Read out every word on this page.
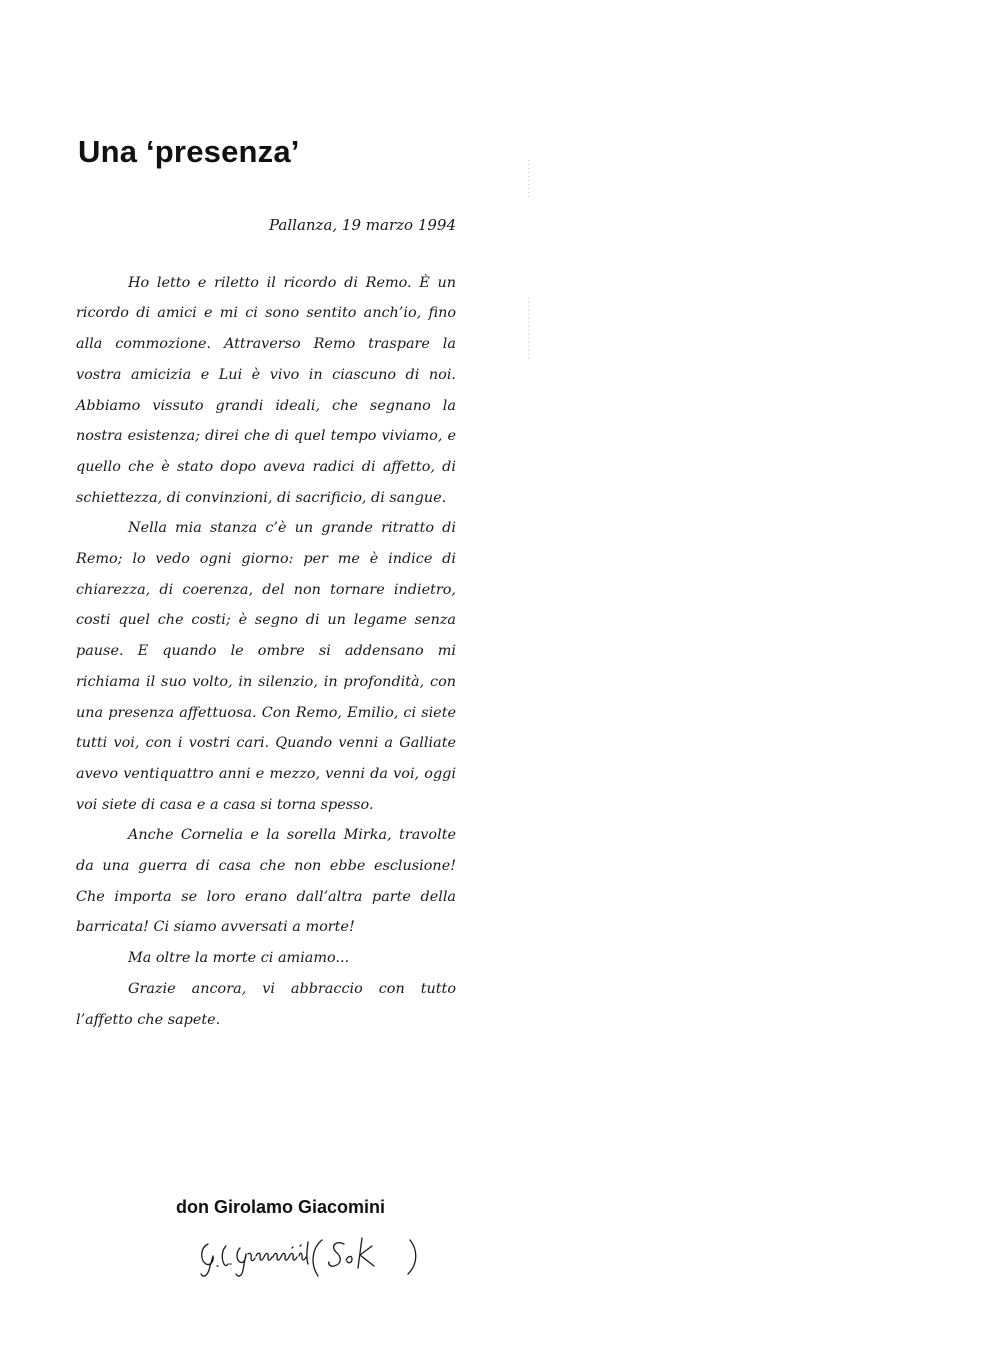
Una ‘presenza’

Pallanza, 19 marzo 1994

Ho letto e riletto il ricordo di Remo. È un ricordo di amici e mi ci sono sentito anch’io, fino alla commozione. Attraverso Remo traspare la vostra amicizia e Lui è vivo in ciascuno di noi. Abbiamo vissuto grandi ideali, che segnano la nostra esistenza; direi che di quel tempo viviamo, e quello che è stato dopo aveva radici di affetto, di schiettezza, di convinzioni, di sacrificio, di sangue.

Nella mia stanza c’è un grande ritratto di Remo; lo vedo ogni giorno: per me è indice di chiarezza, di coerenza, del non tornare indietro, costi quel che costi; è segno di un legame senza pause. E quando le ombre si addensano mi richiama il suo volto, in silenzio, in profondità, con una presenza affettuosa. Con Remo, Emilio, ci siete tutti voi, con i vostri cari. Quando venni a Galliate avevo ventiquattro anni e mezzo, venni da voi, oggi voi siete di casa e a casa si torna spesso.

Anche Cornelia e la sorella Mirka, travolte da una guerra di casa che non ebbe esclusione! Che importa se loro erano dall’altra parte della barricata! Ci siamo avversati a morte!

Ma oltre la morte ci amiamo...

Grazie ancora, vi abbraccio con tutto l’affetto che sapete.

don Girolamo Giacomini
